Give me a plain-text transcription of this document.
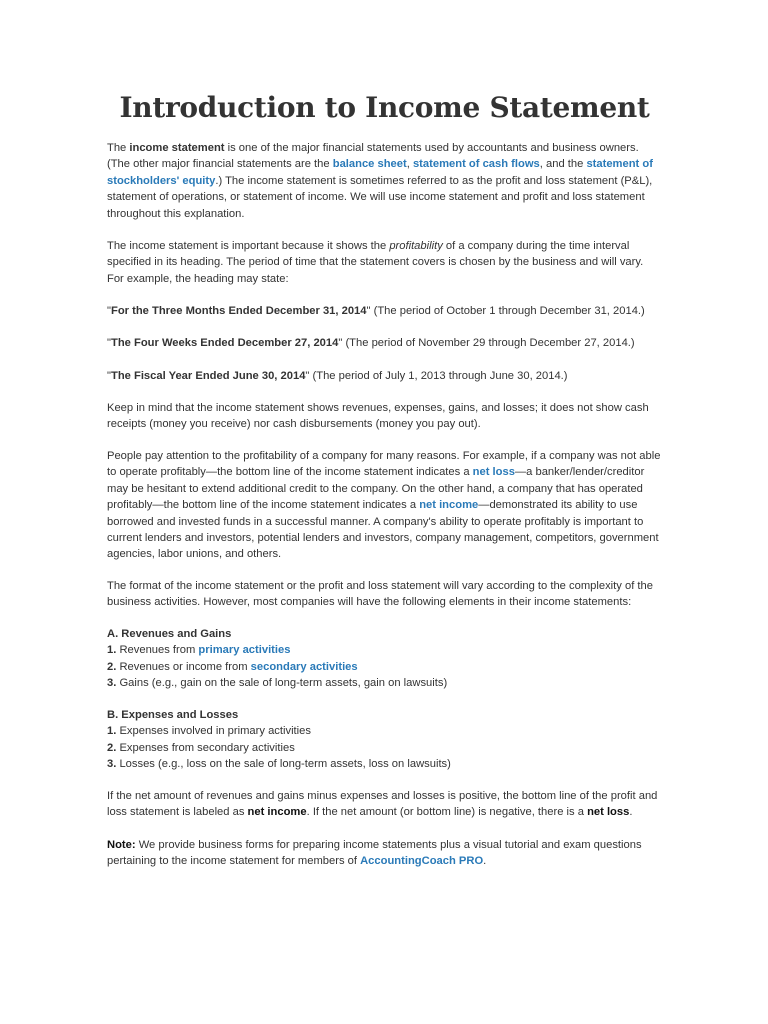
Introduction to Income Statement

The income statement is one of the major financial statements used by accountants and business owners. (The other major financial statements are the balance sheet, statement of cash flows, and the statement of stockholders' equity.) The income statement is sometimes referred to as the profit and loss statement (P&L), statement of operations, or statement of income. We will use income statement and profit and loss statement throughout this explanation.

The income statement is important because it shows the profitability of a company during the time interval specified in its heading. The period of time that the statement covers is chosen by the business and will vary. For example, the heading may state:

"For the Three Months Ended December 31, 2014" (The period of October 1 through December 31, 2014.)

"The Four Weeks Ended December 27, 2014" (The period of November 29 through December 27, 2014.)

"The Fiscal Year Ended June 30, 2014" (The period of July 1, 2013 through June 30, 2014.)

Keep in mind that the income statement shows revenues, expenses, gains, and losses; it does not show cash receipts (money you receive) nor cash disbursements (money you pay out).

People pay attention to the profitability of a company for many reasons. For example, if a company was not able to operate profitably—the bottom line of the income statement indicates a net loss—a banker/lender/creditor may be hesitant to extend additional credit to the company. On the other hand, a company that has operated profitably—the bottom line of the income statement indicates a net income—demonstrated its ability to use borrowed and invested funds in a successful manner. A company's ability to operate profitably is important to current lenders and investors, potential lenders and investors, company management, competitors, government agencies, labor unions, and others.

The format of the income statement or the profit and loss statement will vary according to the complexity of the business activities. However, most companies will have the following elements in their income statements:

A. Revenues and Gains

1. Revenues from primary activities

2. Revenues or income from secondary activities

3. Gains (e.g., gain on the sale of long-term assets, gain on lawsuits)

B. Expenses and Losses

1. Expenses involved in primary activities

2. Expenses from secondary activities

3. Losses (e.g., loss on the sale of long-term assets, loss on lawsuits)

If the net amount of revenues and gains minus expenses and losses is positive, the bottom line of the profit and loss statement is labeled as net income. If the net amount (or bottom line) is negative, there is a net loss.

Note: We provide business forms for preparing income statements plus a visual tutorial and exam questions pertaining to the income statement for members of AccountingCoach PRO.
